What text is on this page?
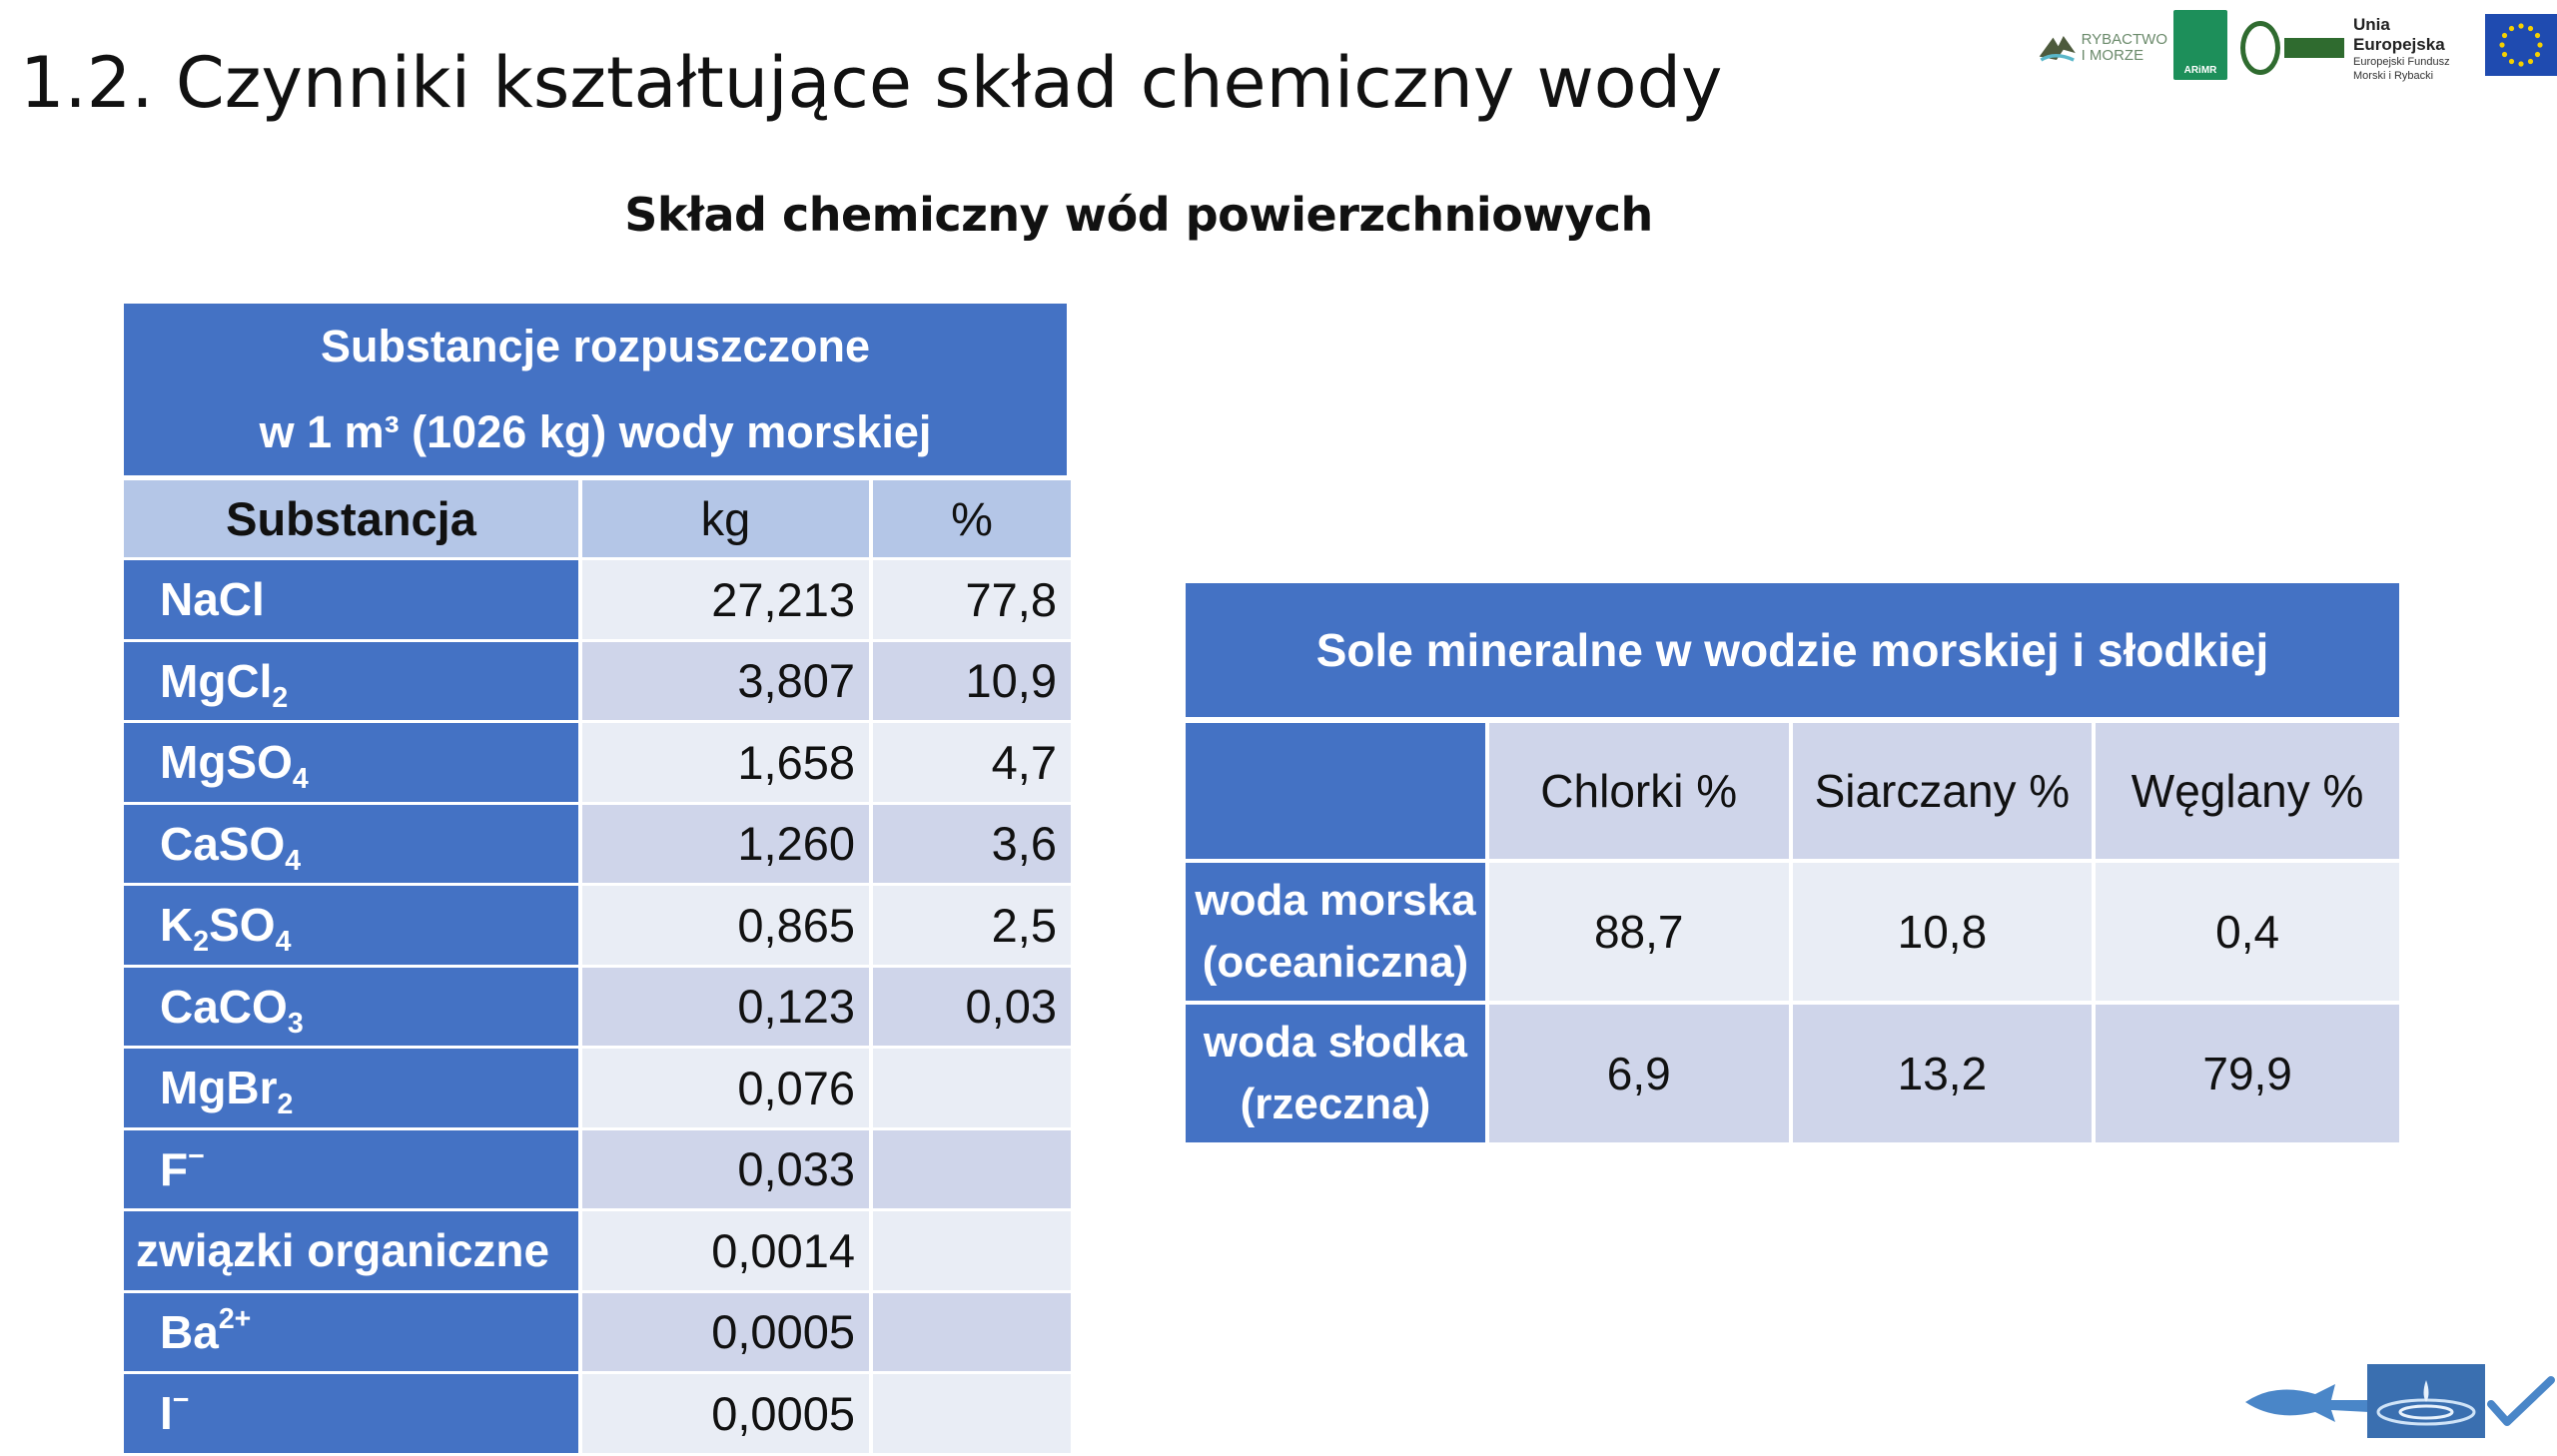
1.2. Czynniki kształtujące skład chemiczny wody
RYBACTWO
I MORZE
ARiMR
Unia Europejska
Europejski Fundusz
Morski i Rybacki
Skład chemiczny wód powierzchniowych
Substancje rozpuszczone
w 1 m³ (1026 kg) wody morskiej		

Substancja	kg	%
NaCl	27,213	77,8
MgCl$_2$	3,807	10,9
MgSO$_4$	1,658	4,7
CaSO$_4$	1,260	3,6
$K_2SO_4$	0,865	2,5
CaCO$_3$	0,123	0,03
MgBr$_2$	0,076	
F−	0,033	
związki organiczne	0,0014	
$Ba^{2+}$	0,0005	
I−	0,0005	
Sole mineralne w wodzie morskiej i słodkiej			
	Chlorki %	Siarczany %	Węglany %

woda morska
(oceaniczna)	88,7	10,8	0,4

woda słodka
(rzeczna)	6,9	13,2	79,9
